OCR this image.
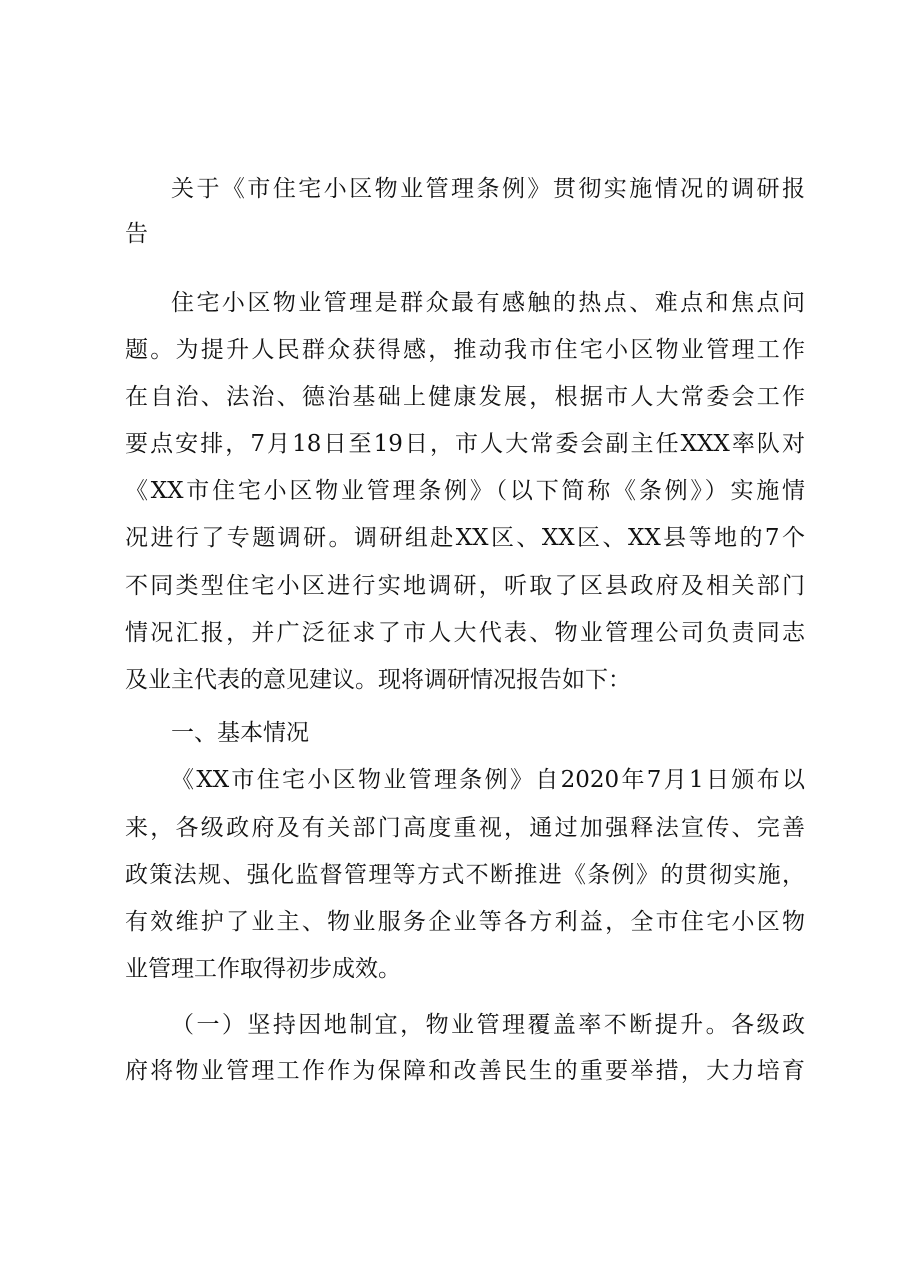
关于《市住宅小区物业管理条例》贯彻实施情况的调研报
告
住宅小区物业管理是群众最有感触的热点、难点和焦点问
题。为提升人民群众获得感，推动我市住宅小区物业管理工作
在自治、法治、德治基础上健康发展，根据市人大常委会工作
要点安排，7月18日至19日，市人大常委会副主任XXX率队对
《XX市住宅小区物业管理条例》（以下简称《条例》）实施情
况进行了专题调研。调研组赴XX区、XX区、XX县等地的7个
不同类型住宅小区进行实地调研，听取了区县政府及相关部门
情况汇报，并广泛征求了市人大代表、物业管理公司负责同志
及业主代表的意见建议。现将调研情况报告如下：
一、基本情况
《XX市住宅小区物业管理条例》自2020年7月1日颁布以
来，各级政府及有关部门高度重视，通过加强释法宣传、完善
政策法规、强化监督管理等方式不断推进《条例》的贯彻实施，
有效维护了业主、物业服务企业等各方利益，全市住宅小区物
业管理工作取得初步成效。
（一）坚持因地制宜，物业管理覆盖率不断提升。各级政
府将物业管理工作作为保障和改善民生的重要举措，大力培育
